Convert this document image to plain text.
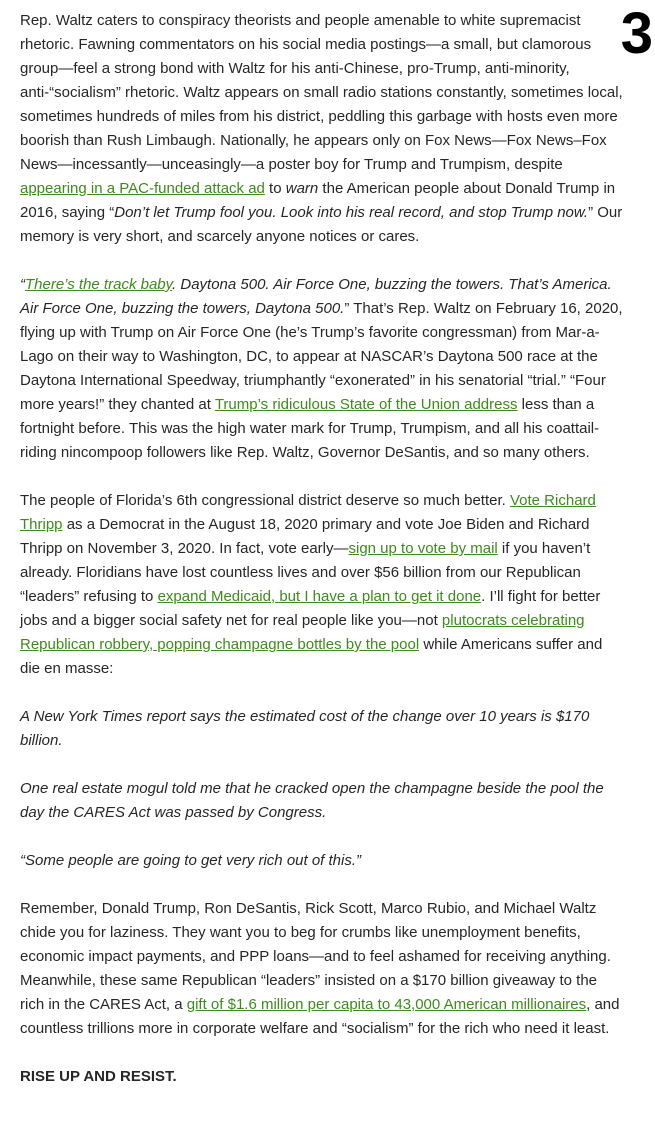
3

Rep. Waltz caters to conspiracy theorists and people amenable to white supremacist rhetoric. Fawning commentators on his social media postings—a small, but clamorous group—feel a strong bond with Waltz for his anti-Chinese, pro-Trump, anti-minority, anti-“socialism” rhetoric. Waltz appears on small radio stations constantly, sometimes local, sometimes hundreds of miles from his district, peddling this garbage with hosts even more boorish than Rush Limbaugh. Nationally, he appears only on Fox News—Fox News–Fox News—incessantly—unceasingly—a poster boy for Trump and Trumpism, despite appearing in a PAC-funded attack ad to warn the American people about Donald Trump in 2016, saying “Don’t let Trump fool you. Look into his real record, and stop Trump now.” Our memory is very short, and scarcely anyone notices or cares.

“There’s the track baby. Daytona 500. Air Force One, buzzing the towers. That’s America. Air Force One, buzzing the towers, Daytona 500.” That’s Rep. Waltz on February 16, 2020, flying up with Trump on Air Force One (he’s Trump’s favorite congressman) from Mar-a-Lago on their way to Washington, DC, to appear at NASCAR’s Daytona 500 race at the Daytona International Speedway, triumphantly “exonerated” in his senatorial “trial.” “Four more years!” they chanted at Trump’s ridiculous State of the Union address less than a fortnight before. This was the high water mark for Trump, Trumpism, and all his coattail-riding nincompoop followers like Rep. Waltz, Governor DeSantis, and so many others.

The people of Florida’s 6th congressional district deserve so much better. Vote Richard Thripp as a Democrat in the August 18, 2020 primary and vote Joe Biden and Richard Thripp on November 3, 2020. In fact, vote early—sign up to vote by mail if you haven’t already. Floridians have lost countless lives and over $56 billion from our Republican “leaders” refusing to expand Medicaid, but I have a plan to get it done. I’ll fight for better jobs and a bigger social safety net for real people like you—not plutocrats celebrating Republican robbery, popping champagne bottles by the pool while Americans suffer and die en masse:

A New York Times report says the estimated cost of the change over 10 years is $170 billion.

One real estate mogul told me that he cracked open the champagne beside the pool the day the CARES Act was passed by Congress.

“Some people are going to get very rich out of this.”

Remember, Donald Trump, Ron DeSantis, Rick Scott, Marco Rubio, and Michael Waltz chide you for laziness. They want you to beg for crumbs like unemployment benefits, economic impact payments, and PPP loans—and to feel ashamed for receiving anything. Meanwhile, these same Republican “leaders” insisted on a $170 billion giveaway to the rich in the CARES Act, a gift of $1.6 million per capita to 43,000 American millionaires, and countless trillions more in corporate welfare and “socialism” for the rich who need it least.

RISE UP AND RESIST.
